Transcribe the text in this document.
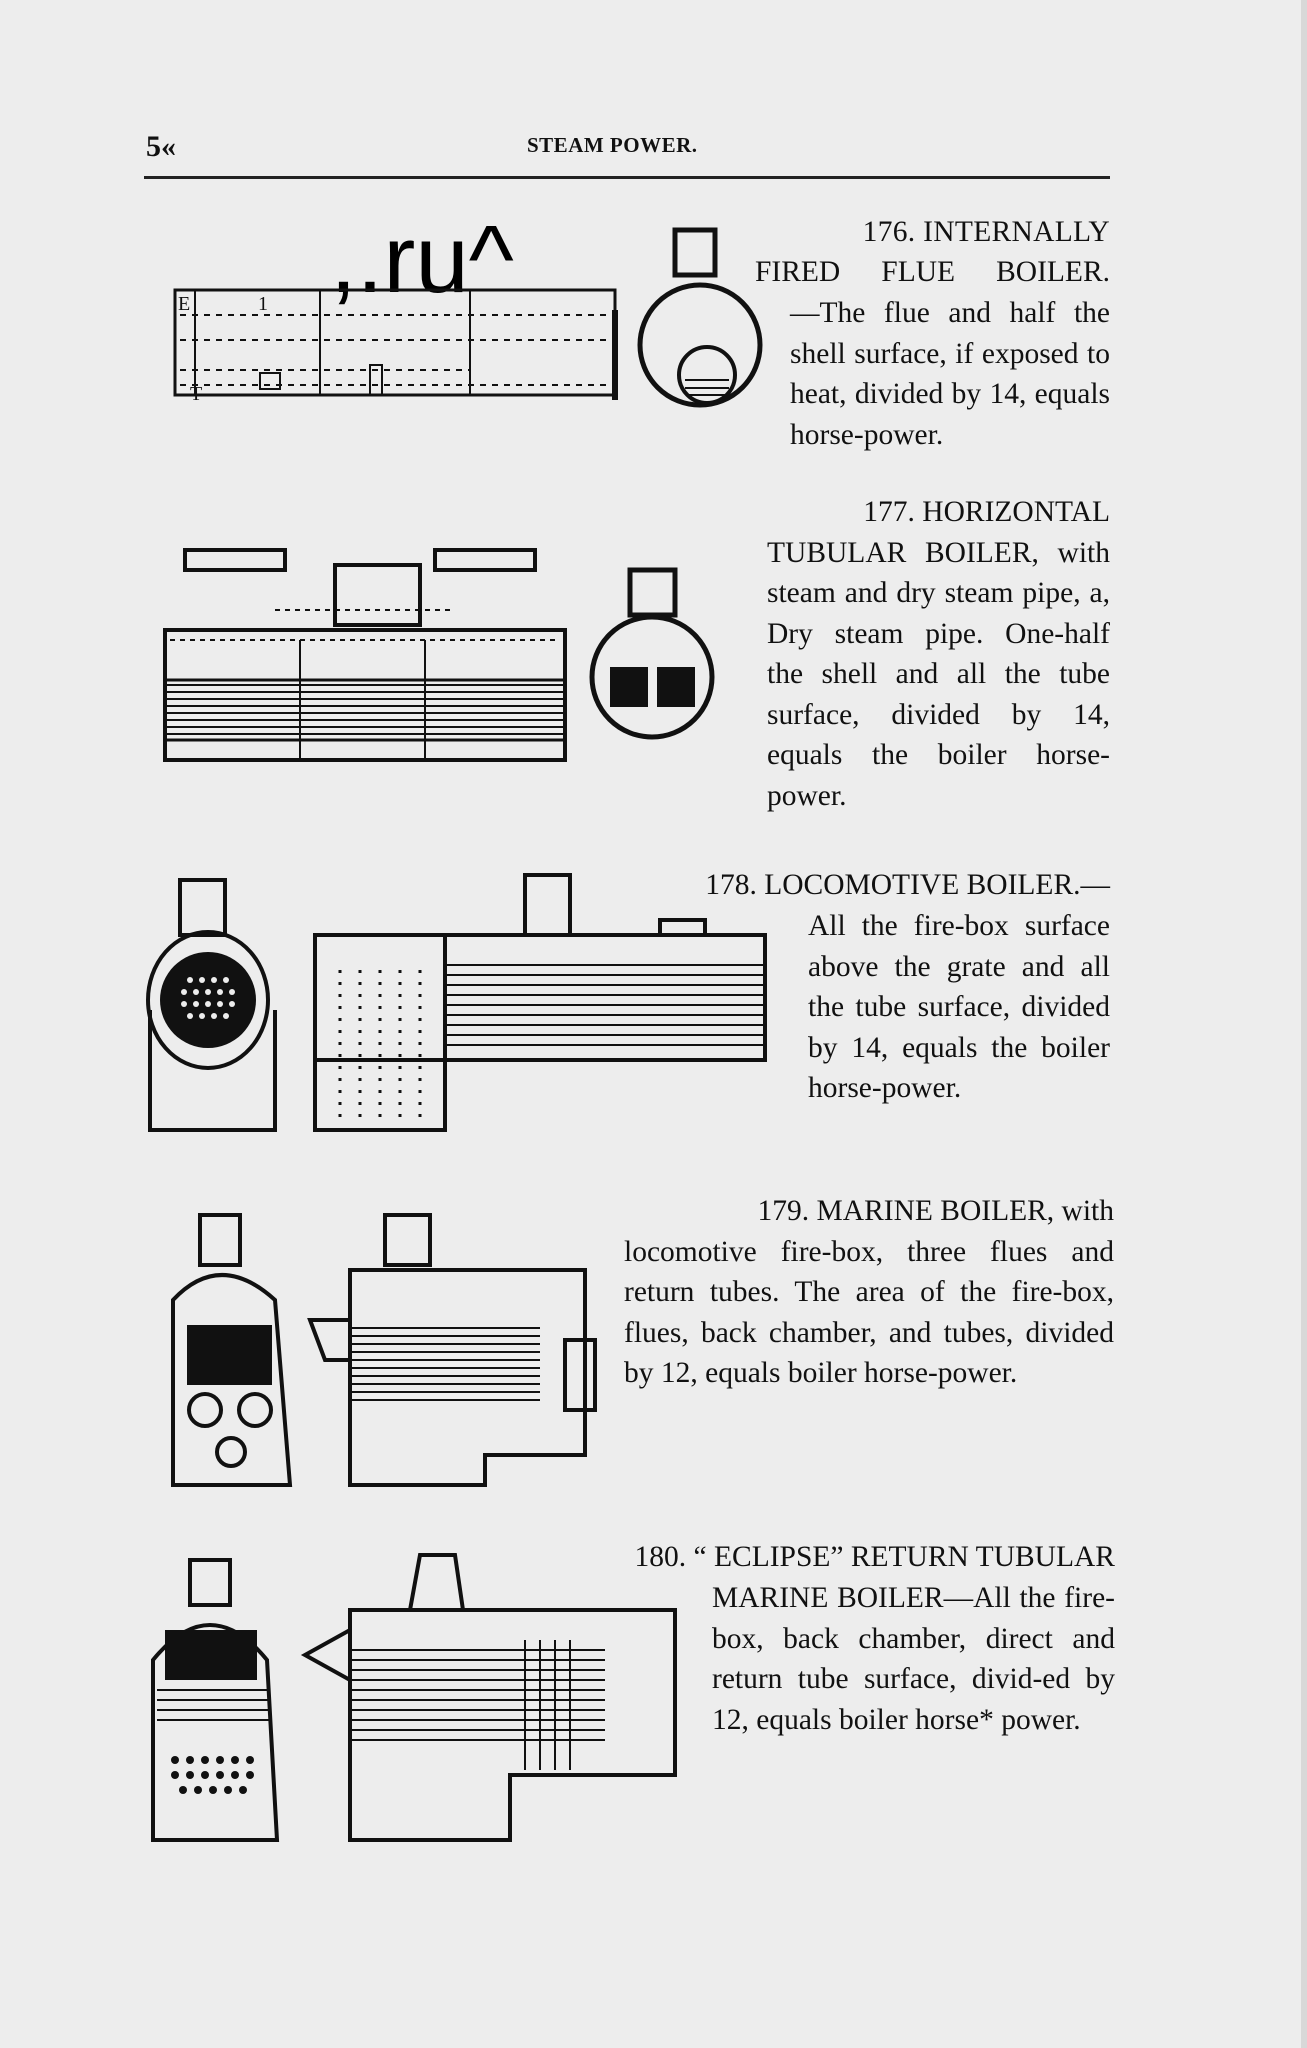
5«	STEAM POWER.
,.ru^
E	1
T
176. INTERNALLY
FIRED FLUE BOILER.
—The flue and half the shell surface, if exposed to heat, divided by 14, equals horse-power.
177. HORIZONTAL
TUBULAR BOILER, with steam and dry steam pipe, a, Dry steam pipe. One-half the shell and all the tube surface, divided by 14, equals the boiler horse-power.
178. LOCOMOTIVE BOILER.—
All the fire-box surface above the grate and all the tube surface, divided by 14, equals the boiler horse-power.
179. MARINE BOILER, with
locomotive fire-box, three flues and return tubes. The area of the fire-box, flues, back chamber, and tubes, divided by 12, equals boiler horse-power.
180. “ ECLIPSE” RETURN TUBULAR
MARINE BOILER—All the fire-box, back chamber, direct and return tube surface, divid-ed by 12, equals boiler horse* power.
